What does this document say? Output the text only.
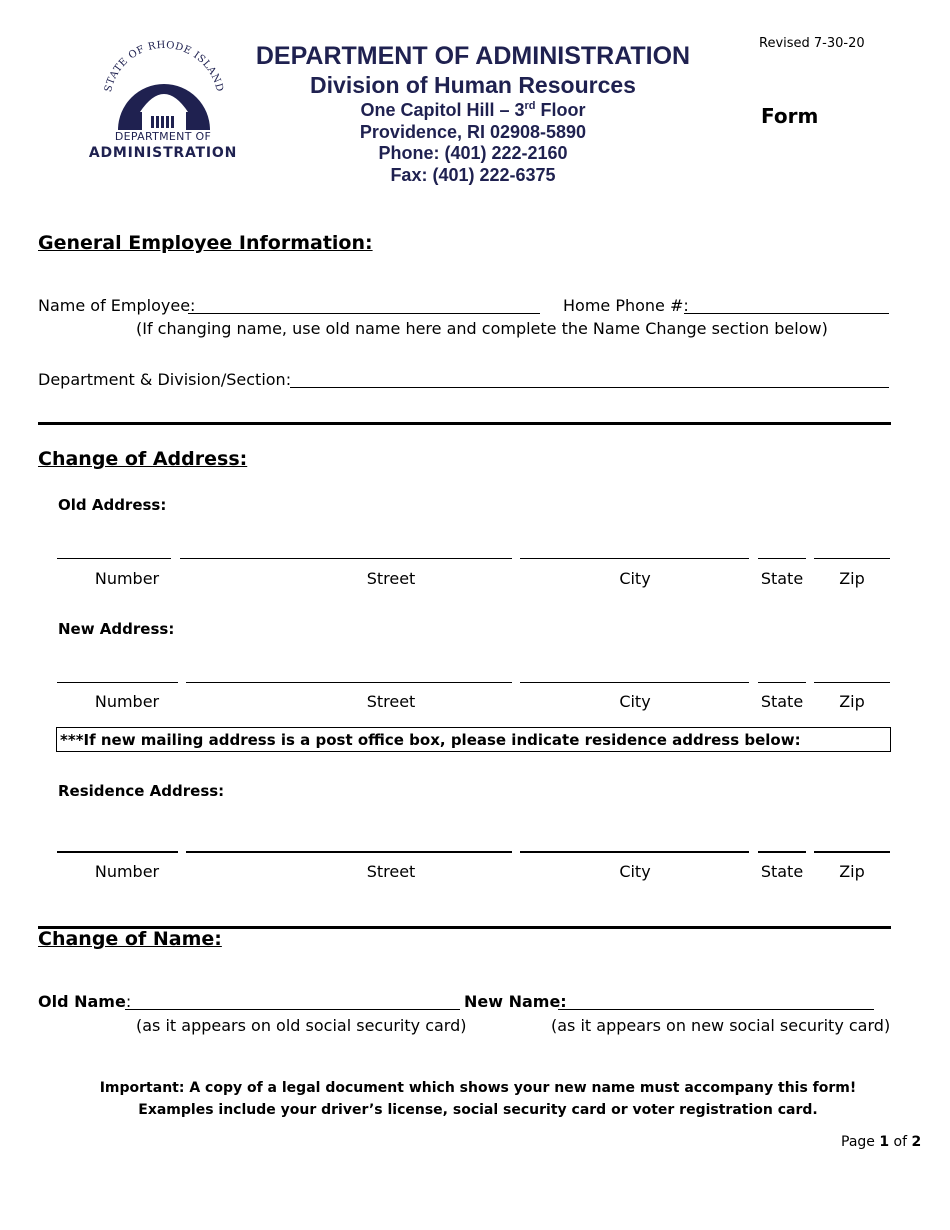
STATE OF RHODE ISLAND
DEPARTMENT OF
ADMINISTRATION
DEPARTMENT OF ADMINISTRATION
Division of Human Resources
One Capitol Hill – 3rd Floor
Providence, RI 02908-5890
Phone: (401) 222-2160
Fax: (401) 222-6375
Revised 7-30-20
Form
General Employee Information:
Name of Employee:	Home Phone #:
(If changing name, use old name here and complete the Name Change section below)
Department & Division/Section:
Change of Address:
Old Address:
Number	Street	City	State	Zip
New Address:
Number	Street	City	State	Zip
***If new mailing address is a post office box, please indicate residence address below:
Residence Address:
Number	Street	City	State	Zip
Change of Name:
Old Name:	New Name:
(as it appears on old social security card)	(as it appears on new social security card)
Important: A copy of a legal document which shows your new name must accompany this form!
Examples include your driver’s license, social security card or voter registration card.
Page 1 of 2
